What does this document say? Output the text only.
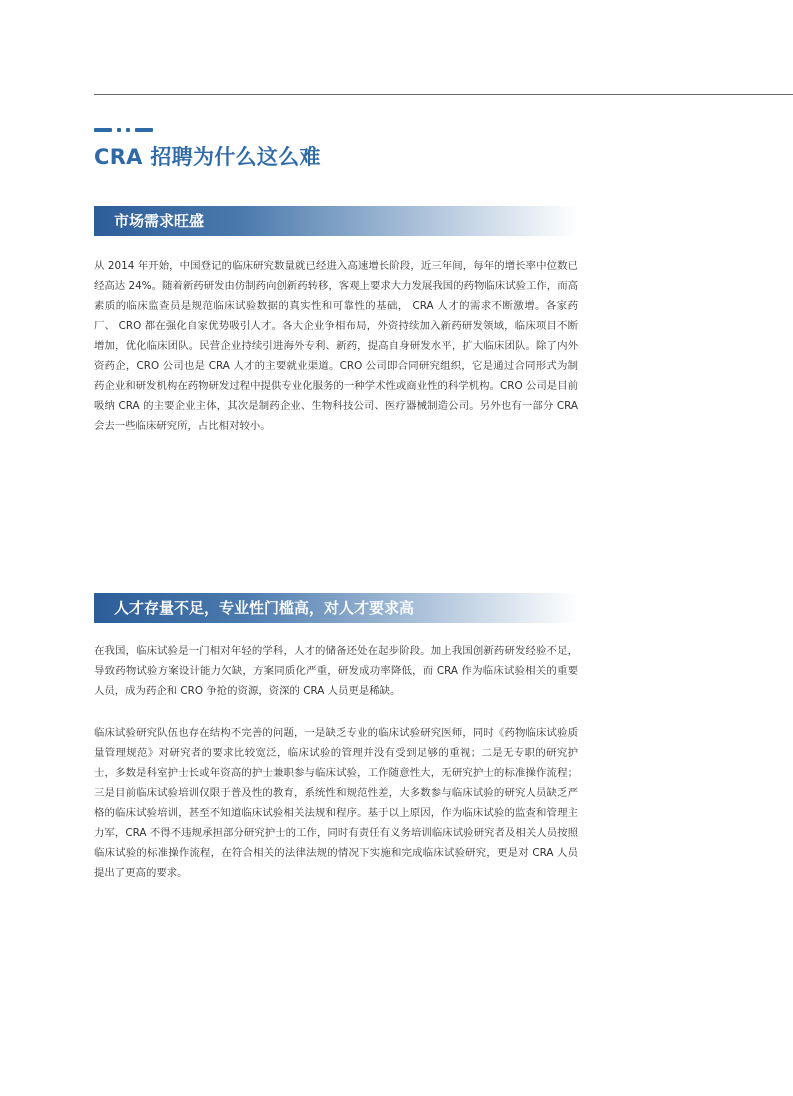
CRA 招聘为什么这么难
市场需求旺盛

从 2014 年开始，中国登记的临床研究数量就已经进入高速增长阶段，近三年间，每年的增长率中位数已经高达 24%。随着新药研发由仿制药向创新药转移，客观上要求大力发展我国的药物临床试验工作，而高素质的临床监查员是规范临床试验数据的真实性和可靠性的基础， CRA 人才的需求不断激增。各家药厂、 CRO 都在强化自家优势吸引人才。各大企业争相布局，外资持续加入新药研发领域，临床项目不断增加，优化临床团队。民营企业持续引进海外专利、新药，提高自身研发水平，扩大临床团队。除了内外资药企，CRO 公司也是 CRA 人才的主要就业渠道。CRO 公司即合同研究组织，它是通过合同形式为制药企业和研发机构在药物研发过程中提供专业化服务的一种学术性或商业性的科学机构。CRO 公司是目前吸纳 CRA 的主要企业主体，其次是制药企业、生物科技公司、医疗器械制造公司。另外也有一部分 CRA 会去一些临床研究所，占比相对较小。

人才存量不足，专业性门槛高，对人才要求高

在我国，临床试验是一门相对年轻的学科，人才的储备还处在起步阶段。加上我国创新药研发经验不足，导致药物试验方案设计能力欠缺，方案同质化严重，研发成功率降低，而 CRA 作为临床试验相关的重要人员，成为药企和 CRO 争抢的资源，资深的 CRA 人员更是稀缺。

临床试验研究队伍也存在结构不完善的问题，一是缺乏专业的临床试验研究医师，同时《药物临床试验质量管理规范》对研究者的要求比较宽泛，临床试验的管理并没有受到足够的重视；二是无专职的研究护士，多数是科室护士长或年资高的护士兼职参与临床试验，工作随意性大，无研究护士的标准操作流程；三是目前临床试验培训仅限于普及性的教育，系统性和规范性差，大多数参与临床试验的研究人员缺乏严格的临床试验培训，甚至不知道临床试验相关法规和程序。基于以上原因，作为临床试验的监查和管理主力军，CRA 不得不违规承担部分研究护士的工作，同时有责任有义务培训临床试验研究者及相关人员按照临床试验的标准操作流程，在符合相关的法律法规的情况下实施和完成临床试验研究，更是对 CRA 人员提出了更高的要求。
